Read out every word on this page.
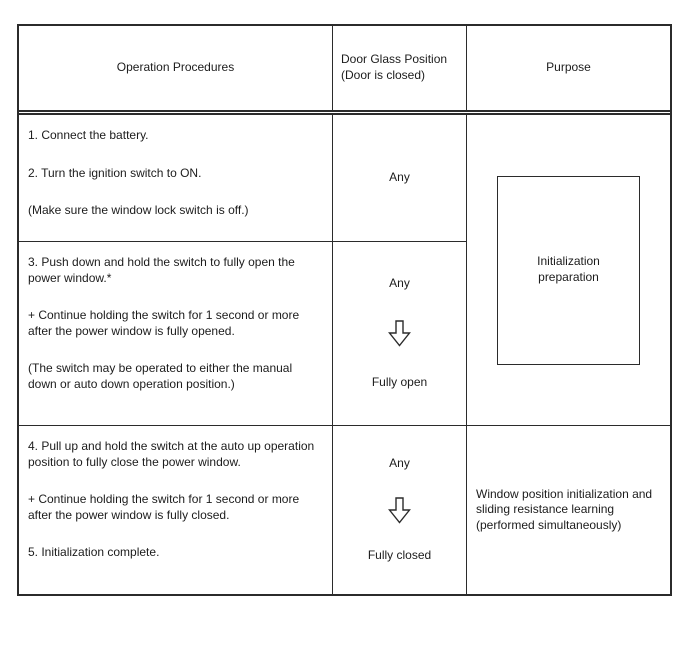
Operation Procedures
Door Glass Position
(Door is closed)
Purpose

1. Connect the battery.

2. Turn the ignition switch to ON.

(Make sure the window lock switch is off.)

Any
Initialization preparation

3. Push down and hold the switch to fully open the power window.*

+ Continue holding the switch for 1 second or more after the power window is fully opened.

(The switch may be operated to either the manual down or auto down operation position.)

Any
Fully open

4. Pull up and hold the switch at the auto up operation position to fully close the power window.

+ Continue holding the switch for 1 second or more after the power window is fully closed.

5. Initialization complete.

Any
Fully closed
Window position initialization and sliding resistance learning (performed simultaneously)
